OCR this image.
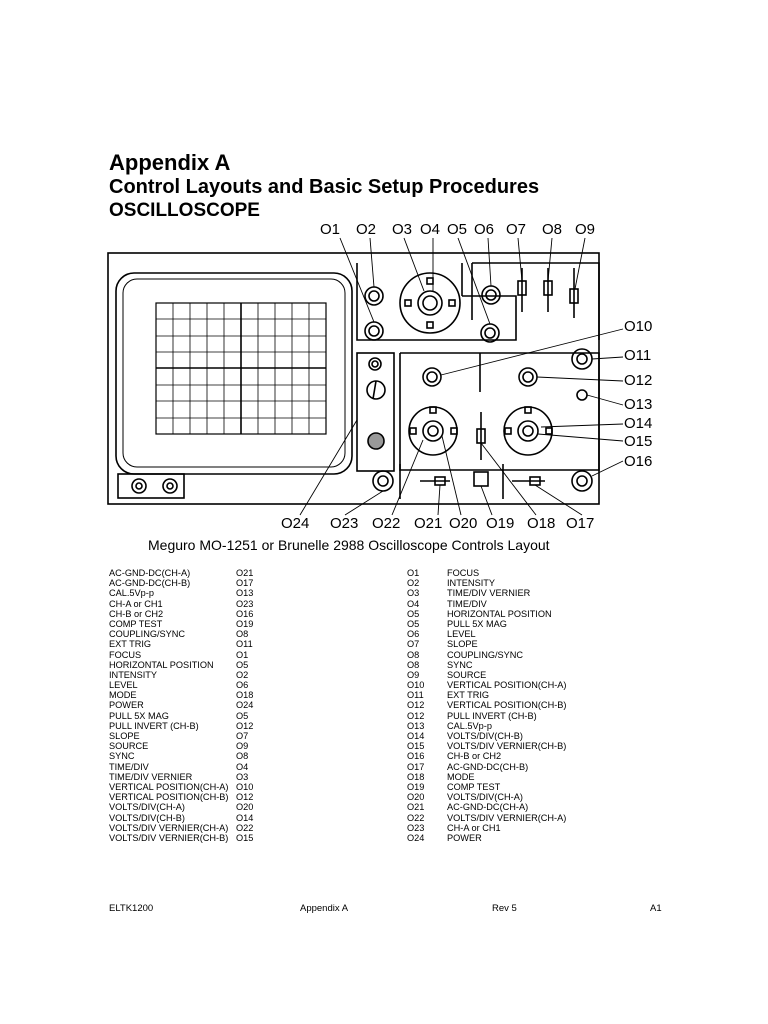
Appendix A
Control Layouts and Basic Setup Procedures
OSCILLOSCOPE
O1 O2 O3 O4 O5 O6 O7 O8 O9
O10
O11
O12
O13
O14
O15
O16
O24 O23 O22 O21 O20 O19 O18 O17
Meguro MO-1251 or Brunelle 2988 Oscilloscope Controls Layout
AC-GND-DC(CH-A)	O21
AC-GND-DC(CH-B)	O17
CAL.5Vp-p	O13
CH-A or CH1	O23
CH-B or CH2	O16
COMP TEST	O19
COUPLING/SYNC	O8
EXT TRIG	O11
FOCUS	O1
HORIZONTAL POSITION O5
INTENSITY	O2
LEVEL	O6
MODE	O18
POWER	O24
PULL 5X MAG	O5
PULL INVERT (CH-B)	O12
SLOPE	O7
SOURCE	O9
SYNC	O8
TIME/DIV	O4
TIME/DIV VERNIER	O3
VERTICAL POSITION(CH-A) O10
VERTICAL POSITION(CH-B) O12
VOLTS/DIV(CH-A)	O20
VOLTS/DIV(CH-B)	O14
VOLTS/DIV VERNIER(CH-A) O22
VOLTS/DIV VERNIER(CH-B) O15
O1	FOCUS
O2	INTENSITY
O3	TIME/DIV VERNIER
O4	TIME/DIV
O5	HORIZONTAL POSITION
O5	PULL 5X MAG
O6	LEVEL
O7	SLOPE
O8	COUPLING/SYNC
O8	SYNC
O9	SOURCE
O10 VERTICAL POSITION(CH-A)
O11	EXT TRIG
O12 VERTICAL POSITION(CH-B)
O12 PULL INVERT (CH-B)
O13 CAL.5Vp-p
O14 VOLTS/DIV(CH-B)
O15 VOLTS/DIV VERNIER(CH-B)
O16 CH-B or CH2
O17 AC-GND-DC(CH-B)
O18 MODE
O19 COMP TEST
O20 VOLTS/DIV(CH-A)
O21 AC-GND-DC(CH-A)
O22 VOLTS/DIV VERNIER(CH-A)
O23 CH-A or CH1
O24 POWER
ELTK1200	Appendix A	Rev 5	A1
